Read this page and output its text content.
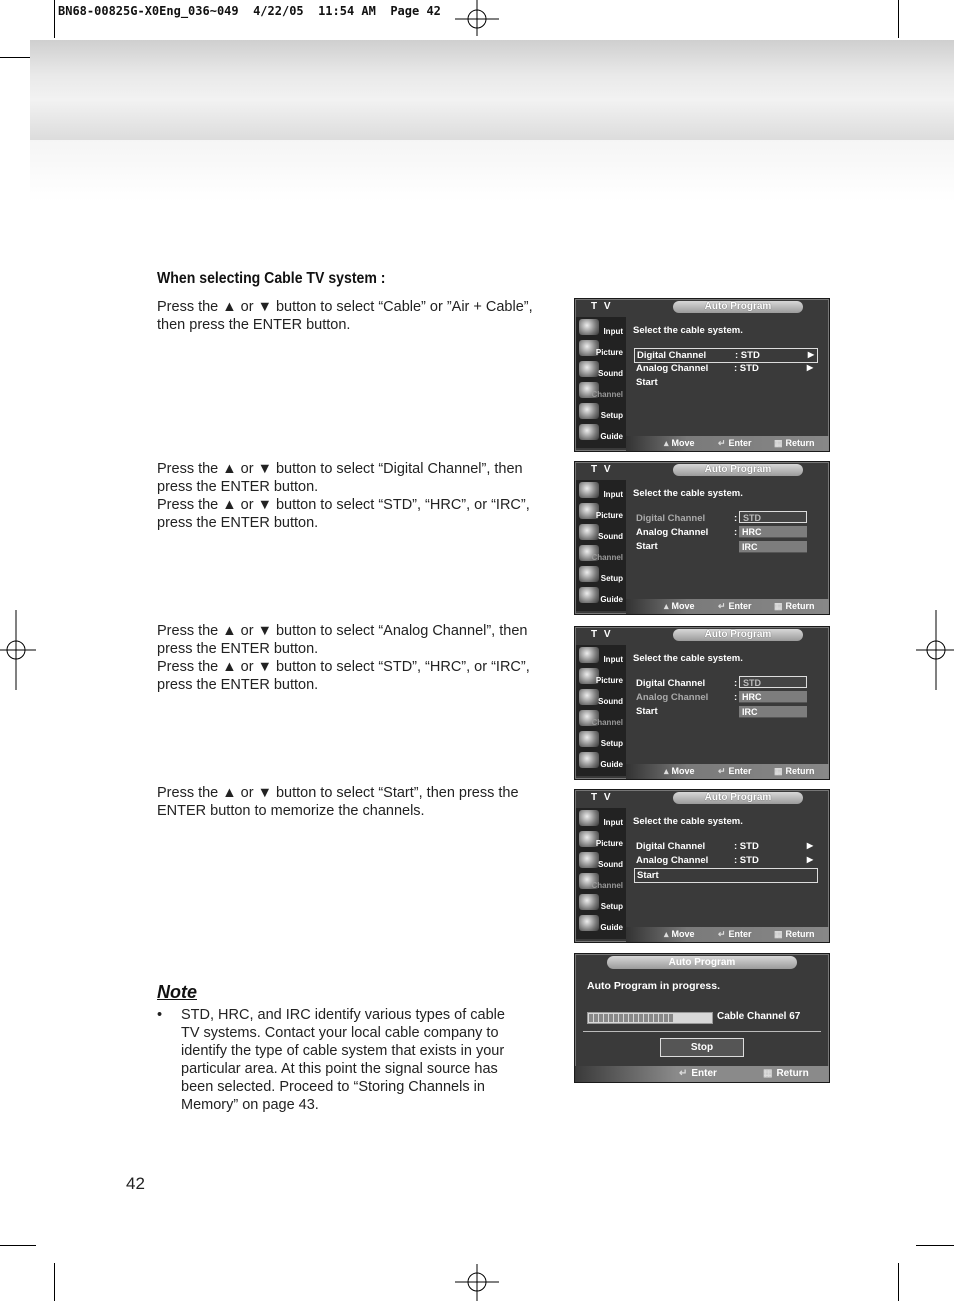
BN68-00825G-X0Eng_036~049  4/22/05  11:54 AM  Page 42
When selecting Cable TV system :
Press the ▲ or ▼ button to select “Cable” or ”Air + Cable”,
then press the ENTER button.
Press the ▲ or ▼ button to select “Digital Channel”, then
press the ENTER button.
Press the ▲ or ▼ button to select “STD”, “HRC”, or “IRC”,
press the ENTER button.
Press the ▲ or ▼ button to select “Analog Channel”, then
press the ENTER button.
Press the ▲ or ▼ button to select “STD”, “HRC”, or “IRC”,
press the ENTER button.
Press the ▲ or ▼ button to select “Start”, then press the
ENTER button to memorize the channels.
Note
• STD, HRC, and IRC identify various types of cable
TV systems. Contact your local cable company to
identify the type of cable system that exists in your
particular area. At this point the signal source has
been selected. Proceed to “Storing Channels in
Memory” on page 43.
42
T V	Auto Program
Input
Picture
Sound
Channel
Setup
Guide
Select the cable system.
Digital Channel	: STD	▶
Analog Channel	: STD	▶
Start
▴ Move	↵ Enter ▦ Return
T V	Auto Program
Input
Picture
Sound
Channel
Setup
Guide
Select the cable system.
Digital Channel	: STD
Analog Channel	: HRC
Start	IRC
▴ Move	↵ Enter ▦ Return
T V	Auto Program
Input
Picture
Sound
Channel
Setup
Guide
Select the cable system.
Digital Channel	: STD
Analog Channel	: HRC
Start	IRC
▴ Move	↵ Enter ▦ Return
T V	Auto Program
Input
Picture
Sound
Channel
Setup
Guide
Select the cable system.
Digital Channel	: STD	▶
Analog Channel	: STD	▶
Start
▴ Move	↵ Enter ▦ Return
Auto Program
Auto Program in progress.
Cable Channel 67
Stop
↵ Enter	▦ Return
